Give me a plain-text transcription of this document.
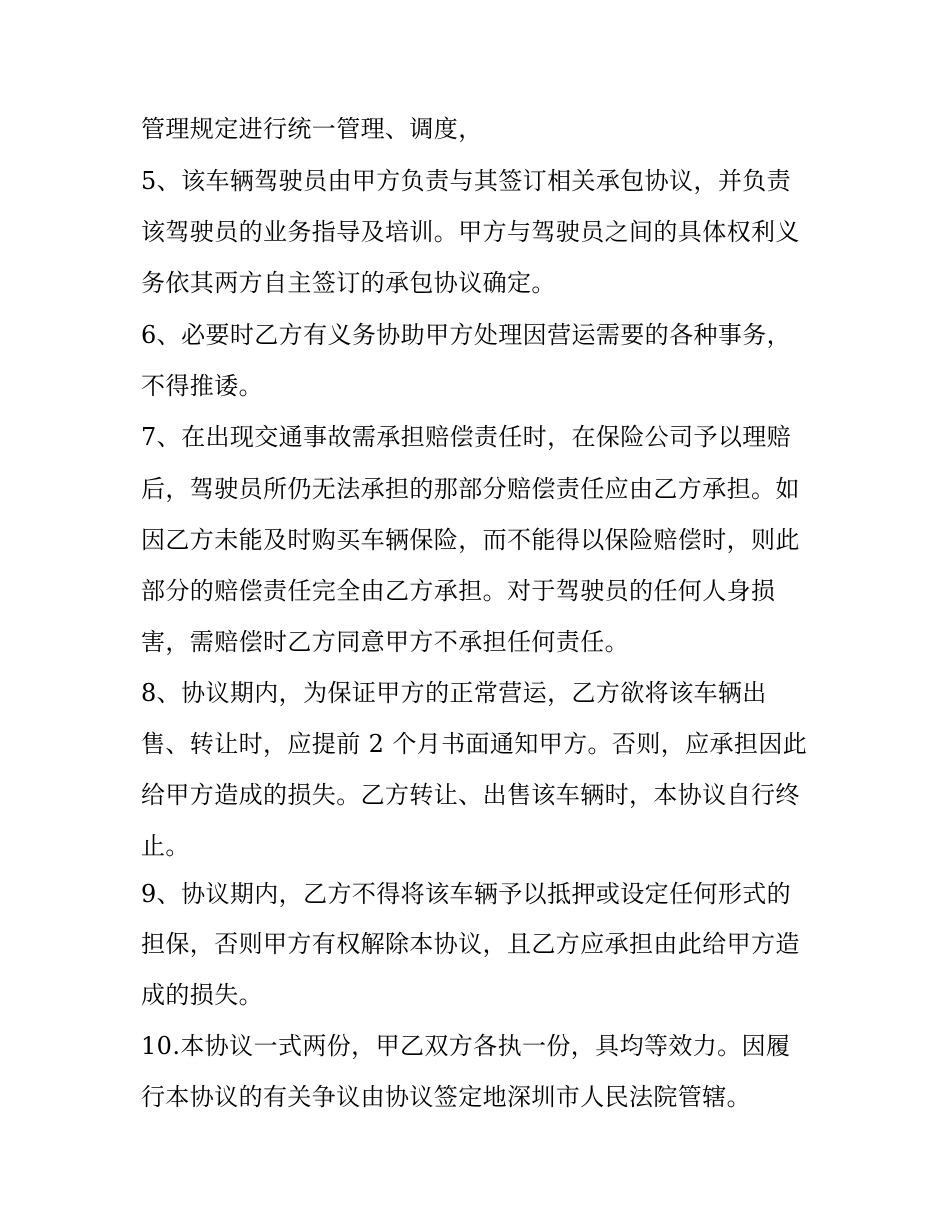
管理规定进行统一管理、调度，
5、该车辆驾驶员由甲方负责与其签订相关承包协议，并负责
该驾驶员的业务指导及培训。甲方与驾驶员之间的具体权利义
务依其两方自主签订的承包协议确定。
6、必要时乙方有义务协助甲方处理因营运需要的各种事务，
不得推诿。
7、在出现交通事故需承担赔偿责任时，在保险公司予以理赔
后，驾驶员所仍无法承担的那部分赔偿责任应由乙方承担。如
因乙方未能及时购买车辆保险，而不能得以保险赔偿时，则此
部分的赔偿责任完全由乙方承担。对于驾驶员的任何人身损
害，需赔偿时乙方同意甲方不承担任何责任。
8、协议期内，为保证甲方的正常营运，乙方欲将该车辆出
售、转让时，应提前 2 个月书面通知甲方。否则，应承担因此
给甲方造成的损失。乙方转让、出售该车辆时，本协议自行终
止。
9、协议期内，乙方不得将该车辆予以抵押或设定任何形式的
担保，否则甲方有权解除本协议，且乙方应承担由此给甲方造
成的损失。
10.本协议一式两份，甲乙双方各执一份，具均等效力。因履
行本协议的有关争议由协议签定地深圳市人民法院管辖。
